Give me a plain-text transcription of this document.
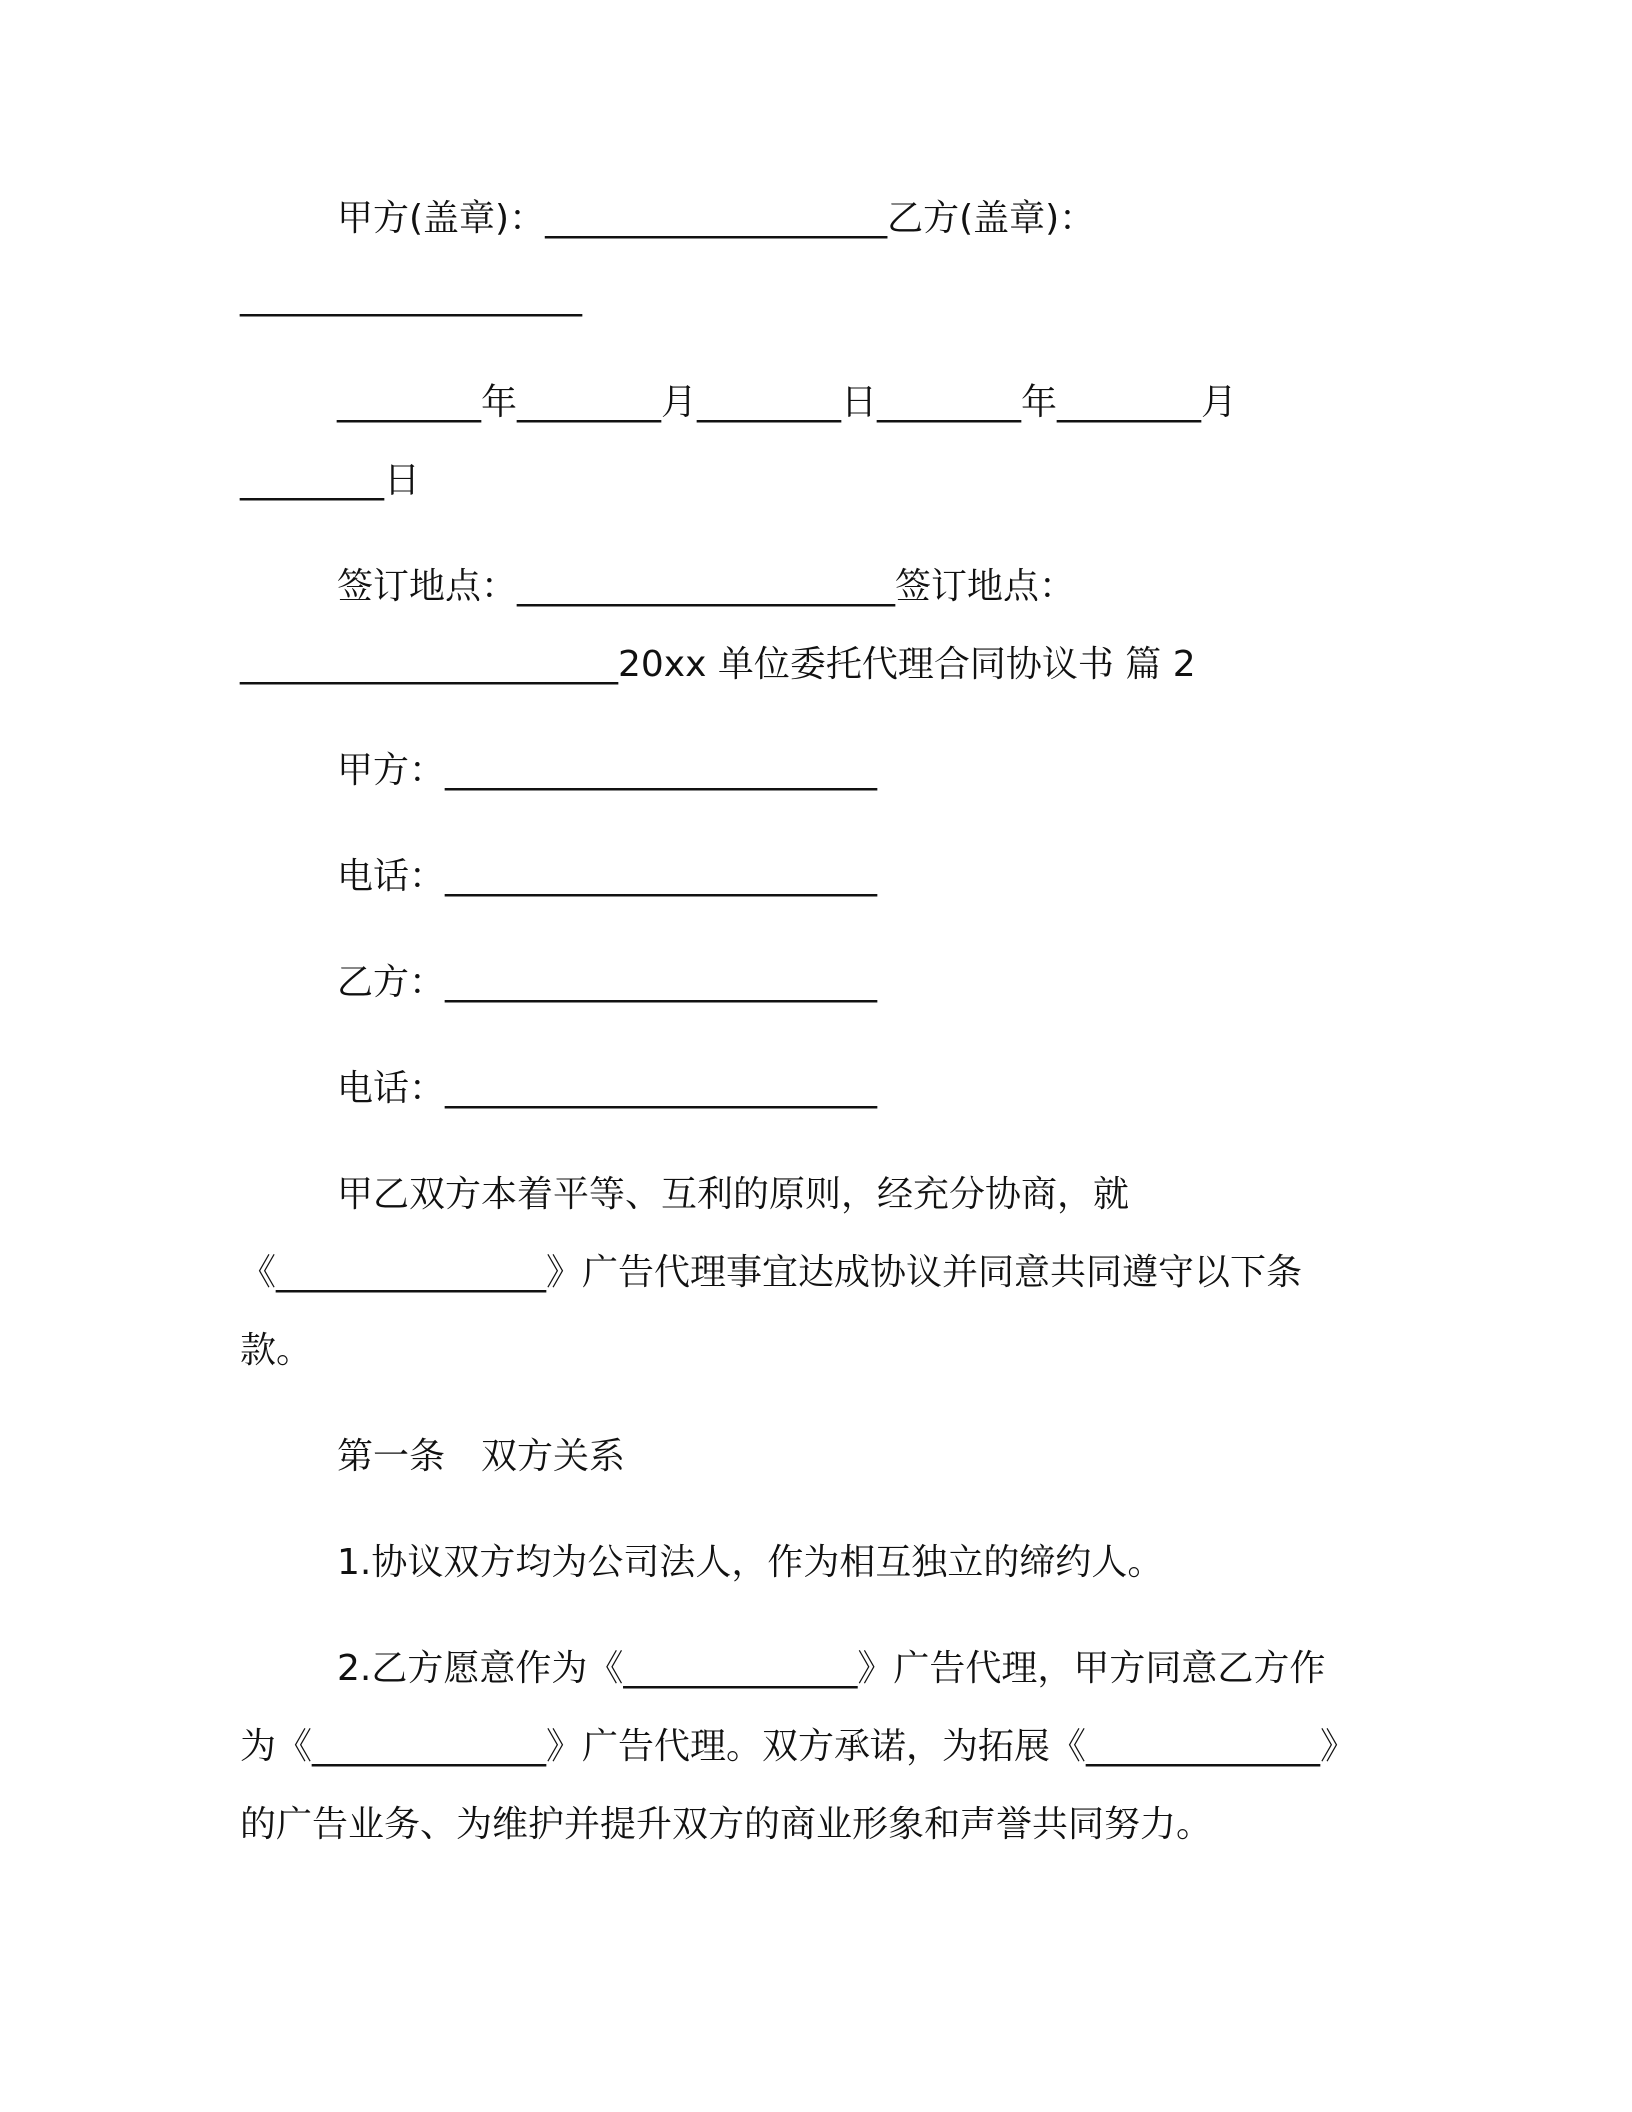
甲方(盖章)：___________________乙方(盖章)：
___________________
________年________月________日________年________月
________日
签订地点：_____________________签订地点：
_____________________20xx 单位委托代理合同协议书 篇 2
甲方：________________________
电话：________________________
乙方：________________________
电话：________________________
甲乙双方本着平等、互利的原则，经充分协商，就
《_______________》广告代理事宜达成协议并同意共同遵守以下条
款。
第一条　双方关系
1.协议双方均为公司法人，作为相互独立的缔约人。
2.乙方愿意作为《_____________》广告代理，甲方同意乙方作
为《_____________》广告代理。双方承诺，为拓展《_____________》
的广告业务、为维护并提升双方的商业形象和声誉共同努力。
